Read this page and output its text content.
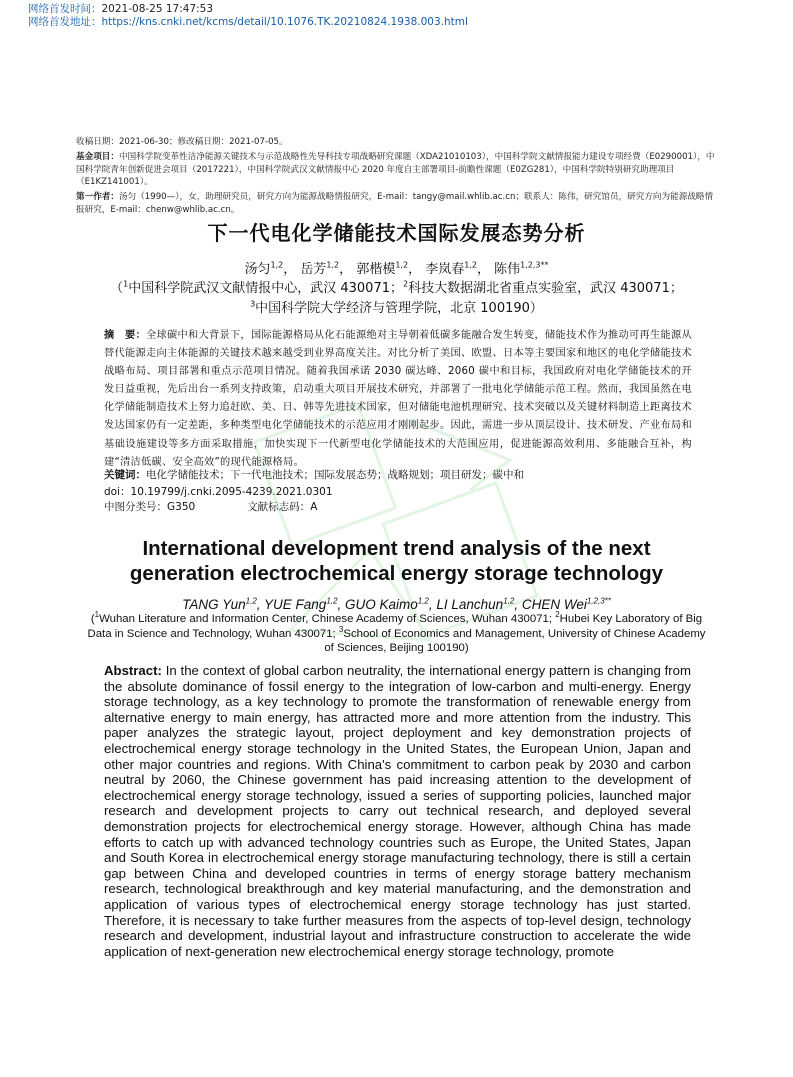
网络首发时间：2021-08-25 17:47:53
网络首发地址：https://kns.cnki.net/kcms/detail/10.1076.TK.20210824.1938.003.html
收稿日期：2021-06-30；修改稿日期：2021-07-05。
基金项目：中国科学院变革性洁净能源关键技术与示范战略性先导科技专项战略研究课题（XDA21010103），中国科学院文献情报能力建设专项经费（E0290001），中国科学院青年创新促进会项目（2017221），中国科学院武汉文献情报中心 2020 年度自主部署项目-前瞻性课题（E0ZG281），中国科学院特别研究助理项目（E1KZ141001）。
第一作者：汤匀（1990—），女，助理研究员，研究方向为能源战略情报研究，E-mail：tangy@mail.whlib.ac.cn；联系人：陈伟，研究馆员，研究方向为能源战略情报研究，E-mail：chenw@whlib.ac.cn。
下一代电化学储能技术国际发展态势分析
汤匀$^{1,2}$， 岳芳$^{1,2}$， 郭楷模$^{1,2}$， 李岚春$^{1,2}$， 陈伟$^{1,2,3**}$
（$^1$中国科学院武汉文献情报中心，武汉 430071；$^2$科技大数据湖北省重点实验室，武汉 430071；$^3$中国科学院大学经济与管理学院，北京 100190）
摘　要：全球碳中和大背景下，国际能源格局从化石能源绝对主导朝着低碳多能融合发生转变，储能技术作为推动可再生能源从替代能源走向主体能源的关键技术越来越受到业界高度关注。对比分析了美国、欧盟、日本等主要国家和地区的电化学储能技术战略布局、项目部署和重点示范项目情况。随着我国承诺 2030 碳达峰、2060 碳中和目标，我国政府对电化学储能技术的开发日益重视，先后出台一系列支持政策，启动重大项目开展技术研究，并部署了一批电化学储能示范工程。然而，我国虽然在电化学储能制造技术上努力追赶欧、美、日、韩等先进技术国家，但对储能电池机理研究、技术突破以及关键材料制造上距离技术发达国家仍有一定差距，多种类型电化学储能技术的示范应用才刚刚起步。因此，需进一步从顶层设计、技术研发、产业布局和基础设施建设等多方面采取措施，加快实现下一代新型电化学储能技术的大范围应用，促进能源高效利用、多能融合互补，构建“清洁低碳、安全高效”的现代能源格局。
关键词：电化学储能技术；下一代电池技术；国际发展态势；战略规划；项目研发；碳中和
doi：10.19799/j.cnki.2095-4239.2021.0301
中图分类号：G350	文献标志码：A
International development trend analysis of the next
generation electrochemical energy storage technology
TANG Yun$^{1,2}$, YUE Fang$^{1,2}$, GUO Kaimo$^{1,2}$, LI Lanchun$^{1,2}$, CHEN Wei$^{1,2,3**}$
($^1$Wuhan Literature and Information Center, Chinese Academy of Sciences, Wuhan 430071; $^2$Hubei Key Laboratory of Big Data in Science and Technology, Wuhan 430071; $^3$School of Economics and Management, University of Chinese Academy of Sciences, Beijing 100190)
Abstract: In the context of global carbon neutrality, the international energy pattern is changing from the absolute dominance of fossil energy to the integration of low-carbon and multi-energy. Energy storage technology, as a key technology to promote the transformation of renewable energy from alternative energy to main energy, has attracted more and more attention from the industry. This paper analyzes the strategic layout, project deployment and key demonstration projects of electrochemical energy storage technology in the United States, the European Union, Japan and other major countries and regions. With China's commitment to carbon peak by 2030 and carbon neutral by 2060, the Chinese government has paid increasing attention to the development of electrochemical energy storage technology, issued a series of supporting policies, launched major research and development projects to carry out technical research, and deployed several demonstration projects for electrochemical energy storage. However, although China has made efforts to catch up with advanced technology countries such as Europe, the United States, Japan and South Korea in electrochemical energy storage manufacturing technology, there is still a certain gap between China and developed countries in terms of energy storage battery mechanism research, technological breakthrough and key material manufacturing, and the demonstration and application of various types of electrochemical energy storage technology has just started. Therefore, it is necessary to take further measures from the aspects of top-level design, technology research and development, industrial layout and infrastructure construction to accelerate the wide application of next-generation new electrochemical energy storage technology, promote
